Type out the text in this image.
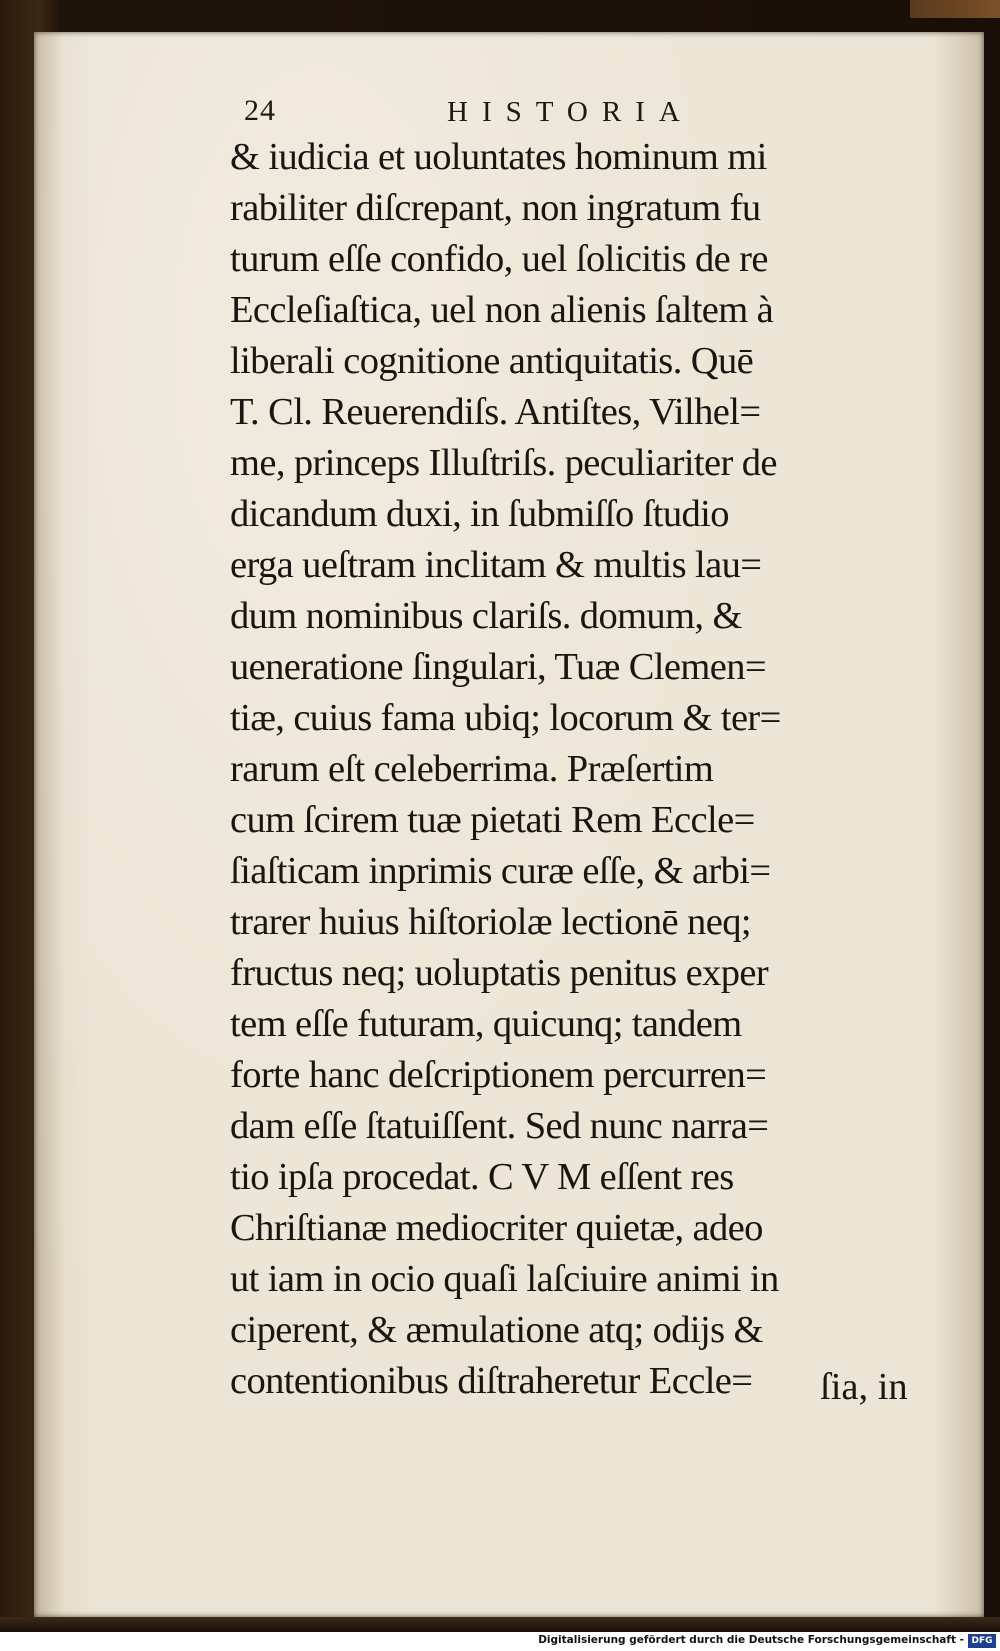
24	HISTORIA
& iudicia et uoluntates hominum mi
rabiliter diſcrepant, non ingratum fu
turum eſſe confido, uel ſolicitis de re
Eccleſiaſtica, uel non alienis ſaltem à
liberali cognitione antiquitatis. Quē
T. Cl. Reuerendiſs. Antiſtes, Vilhel=
me, princeps Illuſtriſs. peculiariter de
dicandum duxi, in ſubmiſſo ſtudio
erga ueſtram inclitam & multis lau=
dum nominibus clariſs. domum, &
ueneratione ſingulari, Tuæ Clemen=
tiæ, cuius fama ubiq; locorum & ter=
rarum eſt celeberrima. Præſertim
cum ſcirem tuæ pietati Rem Eccle=
ſiaſticam inprimis curæ eſſe, & arbi=
trarer huius hiſtoriolæ lectionē neq;
fructus neq; uoluptatis penitus exper
tem eſſe futuram, quicunq; tandem
forte hanc deſcriptionem percurren=
dam eſſe ſtatuiſſent. Sed nunc narra=
tio ipſa procedat. C V M eſſent res
Chriſtianæ mediocriter quietæ, adeo
ut iam in ocio quaſi laſciuire animi in
ciperent, & æmulatione atq; odijs &
contentionibus diſtraheretur Eccle=	ſia, in
Digitalisierung gefördert durch die Deutsche Forschungsgemeinschaft - DFG
